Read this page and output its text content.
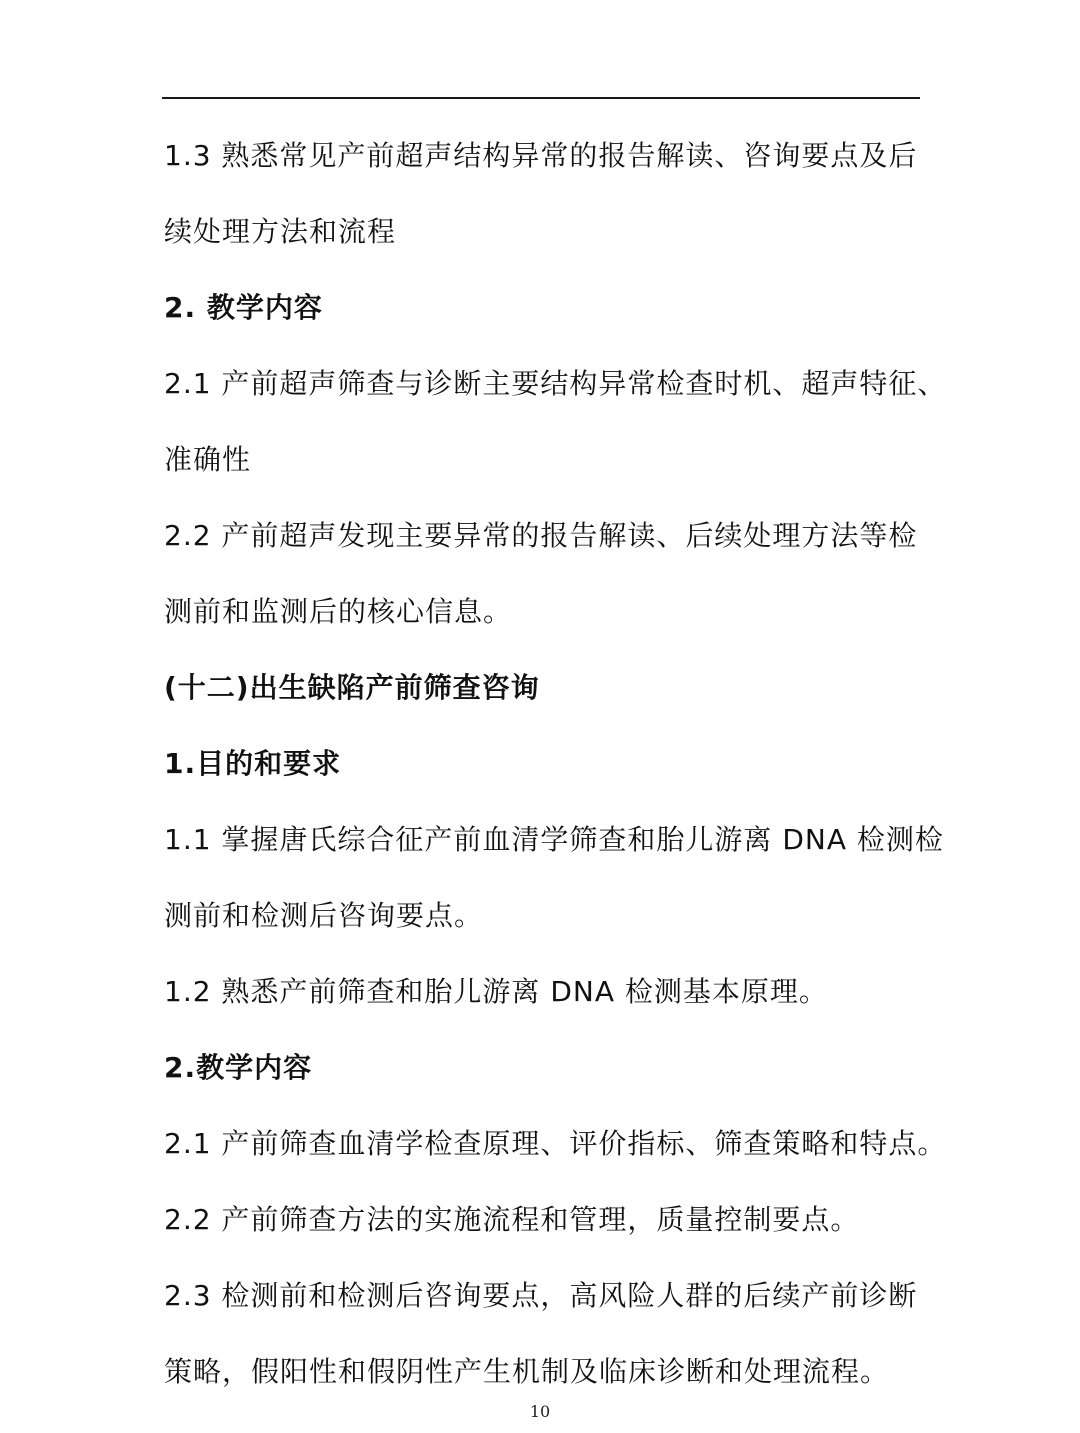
1.3 熟悉常见产前超声结构异常的报告解读、咨询要点及后
续处理方法和流程
2. 教学内容
2.1 产前超声筛查与诊断主要结构异常检查时机、超声特征、
准确性
2.2 产前超声发现主要异常的报告解读、后续处理方法等检
测前和监测后的核心信息。
(十二)出生缺陷产前筛查咨询
1.目的和要求
1.1 掌握唐氏综合征产前血清学筛查和胎儿游离 DNA 检测检
测前和检测后咨询要点。
1.2 熟悉产前筛查和胎儿游离 DNA 检测基本原理。
2.教学内容
2.1 产前筛查血清学检查原理、评价指标、筛查策略和特点。
2.2 产前筛查方法的实施流程和管理，质量控制要点。
2.3 检测前和检测后咨询要点，高风险人群的后续产前诊断
策略，假阳性和假阴性产生机制及临床诊断和处理流程。
10
